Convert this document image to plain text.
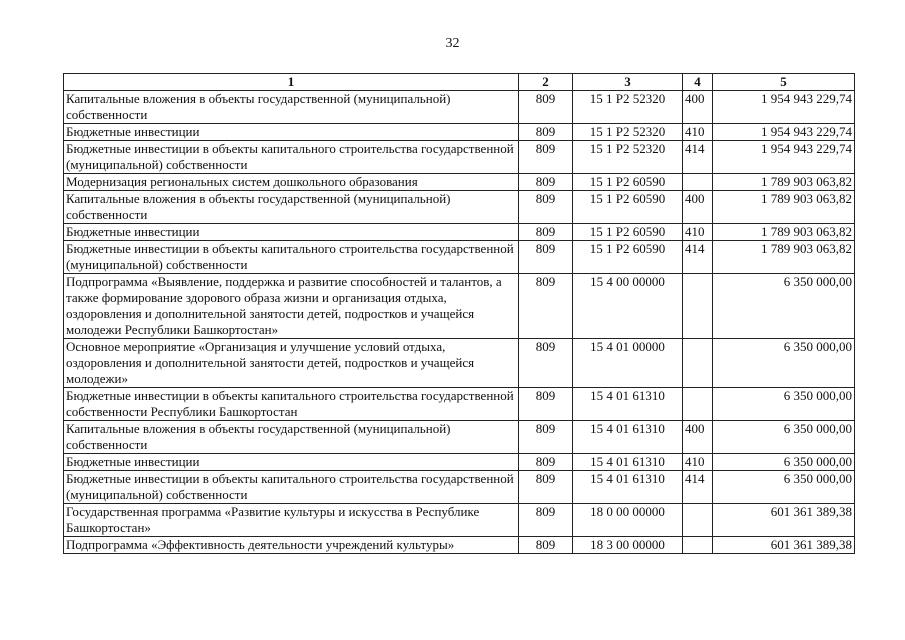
32
1	2	3	4	5
Капитальные вложения в объекты государственной (муниципальной) собственности	809	15 1 Р2 52320	400	1 954 943 229,74
Бюджетные инвестиции	809	15 1 Р2 52320	410	1 954 943 229,74
Бюджетные инвестиции в объекты капитального строительства государственной (муниципальной) собственности	809	15 1 Р2 52320	414	1 954 943 229,74
Модернизация региональных систем дошкольного образования	809	15 1 Р2 60590		1 789 903 063,82
Капитальные вложения в объекты государственной (муниципальной) собственности	809	15 1 Р2 60590	400	1 789 903 063,82
Бюджетные инвестиции	809	15 1 Р2 60590	410	1 789 903 063,82
Бюджетные инвестиции в объекты капитального строительства государственной (муниципальной) собственности	809	15 1 Р2 60590	414	1 789 903 063,82
Подпрограмма «Выявление, поддержка и развитие способностей и талантов, а также формирование здорового образа жизни и организация отдыха, оздоровления и дополнительной занятости детей, подростков и учащейся молодежи Республики Башкортостан»	809	15 4 00 00000		6 350 000,00
Основное мероприятие «Организация и улучшение условий отдыха, оздоровления и дополнительной занятости детей, подростков и учащейся молодежи»	809	15 4 01 00000		6 350 000,00
Бюджетные инвестиции в объекты капитального строительства государственной собственности Республики Башкортостан	809	15 4 01 61310		6 350 000,00
Капитальные вложения в объекты государственной (муниципальной) собственности	809	15 4 01 61310	400	6 350 000,00
Бюджетные инвестиции	809	15 4 01 61310	410	6 350 000,00
Бюджетные инвестиции в объекты капитального строительства государственной (муниципальной) собственности	809	15 4 01 61310	414	6 350 000,00
Государственная программа «Развитие культуры и искусства в Республике Башкортостан»	809	18 0 00 00000		601 361 389,38
Подпрограмма «Эффективность деятельности учреждений культуры»	809	18 3 00 00000		601 361 389,38
